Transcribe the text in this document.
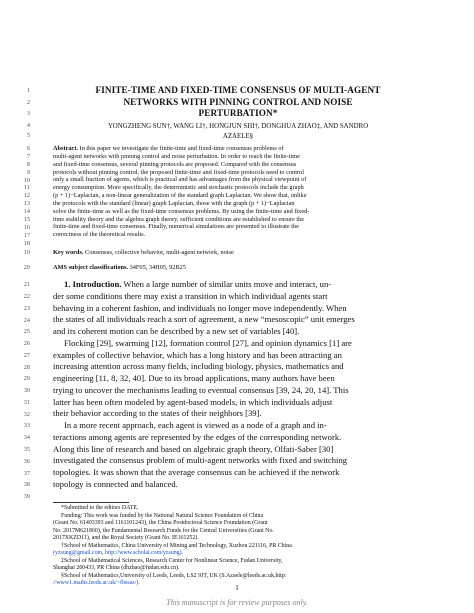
FINITE-TIME AND FIXED-TIME CONSENSUS OF MULTI-AGENT
NETWORKS WITH PINNING CONTROL AND NOISE
PERTURBATION*
YONGZHENG SUN†, WANG LI†, HONGJUN SHI†, DONGHUA ZHAO‡, AND SANDRO
AZAELE§
1
2
3
4
5
6
7
8
9
10
11
12
13
14
15
16
17
18
19
20
21
22
23
24
25
26
27
28
29
30
31
32
33
34
35
36
37
38
39
Abstract. In this paper we investigate the finite-time and fixed-time consensus problems of
multi-agent networks with pinning control and noise perturbation. In order to reach the finite-time
and fixed-time consensus, several pinning protocols are proposed. Compared with the consensus
protocols without pinning control, the proposed finite-time and fixed-time protocols need to control
only a small fraction of agents, which is practical and has advantages from the physical viewpoint of
energy consumption. More specifically, the deterministic and stochastic protocols include the graph
(p + 1)−Laplacian, a non-linear generalization of the standard graph Laplacian. We show that, unlike
the protocols with the standard (linear) graph Laplacian, those with the graph (p + 1)−Laplacian
solve the finite-time as well as the fixed-time consensus problems. By using the finite-time and fixed-
time stability theory and the algebra graph theory, sufficient conditions are established to ensure the
finite-time and fixed-time consensus. Finally, numerical simulations are presented to illustrate the
correctness of the theoretical results.
Key words. Consensus, collective behavior, multi-agent network, noise
AMS subject classifications. 34F05, 34H05, 92B25
1. Introduction. When a large number of similar units move and interact, un-
der some conditions there may exist a transition in which individual agents start
behaving in a coherent fashion, and individuals no longer move independently. When
the states of all individuals reach a sort of agreement, a new “mesoscopic” unit emerges
and its coherent motion can be described by a new set of variables [40].
Flocking [29], swarming [12], formation control [27], and opinion dynamics [1] are
examples of collective behavior, which has a long history and has been attracting an
increasing attention across many fields, including biology, physics, mathematics and
engineering [11, 8, 32, 40]. Due to its broad applications, many authors have been
trying to uncover the mechanisms leading to eventual consensus [39, 24, 20, 14]. This
latter has been often modeled by agent-based models, in which individuals adjust
their behavior according to the states of their neighbors [39].
In a more recent approach, each agent is viewed as a node of a graph and in-
teractions among agents are represented by the edges of the corresponding network.
Along this line of research and based on algebraic graph theory, Olfati-Saber [30]
investigated the consensus problem of multi-agent networks with fixed and switching
topologies. It was shown that the average consensus can be achieved if the network
topology is connected and balanced.
*Submitted to the editors DATE.
Funding: This work was funded by the National Natural Science Foundation of China
(Grant No. 61403393 and 1161101243), the China Postdoctoral Science Foundation (Grant
No. 2017M621860), the Fundamental Research Funds for the Central Universities (Grant No.
2017XKZD11), and the Royal Society (Grant No. IE161252).
†School of Mathematics, China University of Mining and Technology, Xuzhou 221116, PR China
(yzsung@gmail.com, http://www.scholat.com/yzsung).
‡School of Mathematical Sciences, Research Center for Nonlinear Science, Fudan University,
Shanghai 200433, PR China (dhzhao@fudan.edu.cn).
§School of Mathematics,University of Leeds, Leeds, LS2 9JT, UK (S.Azaele@leeds.ac.uk,http:
//www1.maths.leeds.ac.uk/~fbssaz/).
1
This manuscript is for review purposes only.
